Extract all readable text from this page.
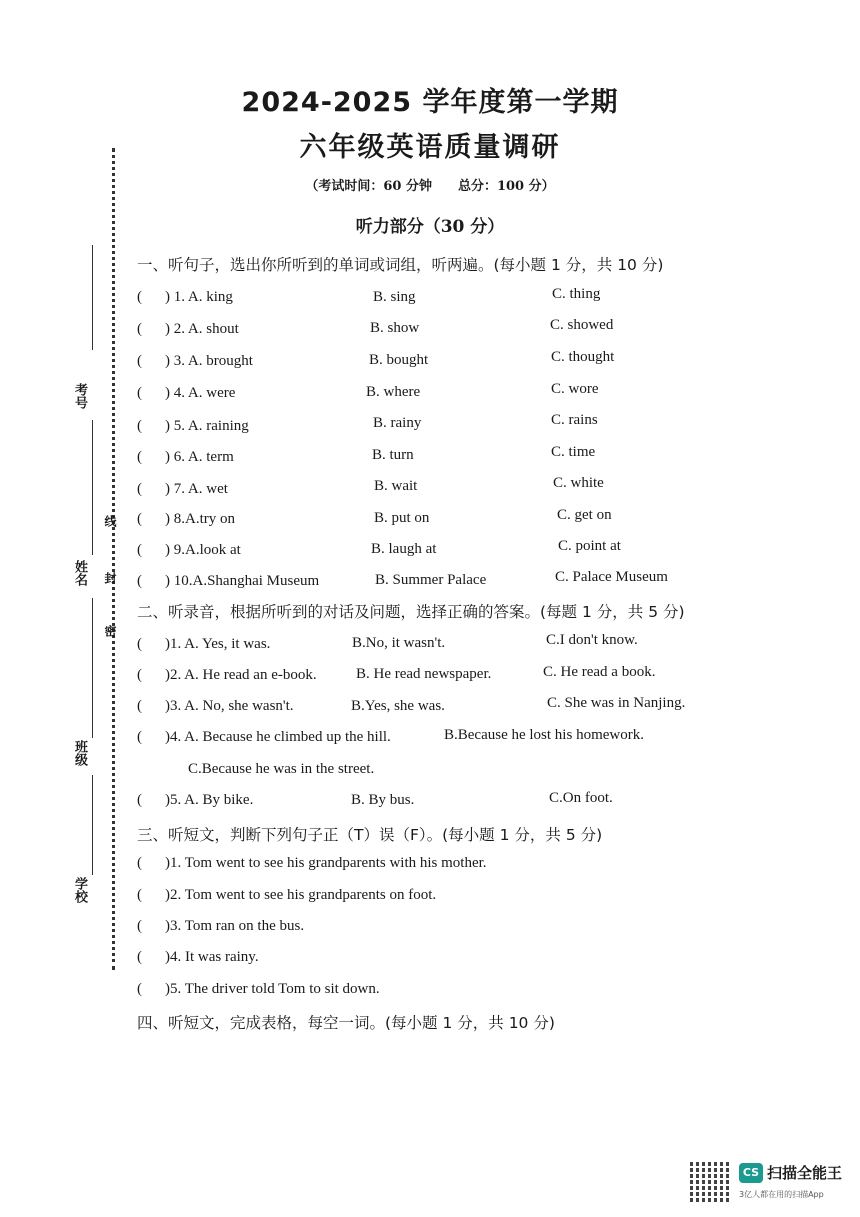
2024-2025 学年度第一学期
六年级英语质量调研
（考试时间：60 分钟 总分：100 分）
听力部分（30 分）
考号
姓名
班级
学校
线
封
密
一、听句子，选出你所听到的单词或词组，听两遍。(每小题 1 分，共 10 分)
( ) 1. A. king	B. sing	C. thing
( ) 2. A. shout	B. show	C. showed
( ) 3. A. brought	B. bought	C. thought
( ) 4. A. were	B. where	C. wore
( ) 5. A. raining	B. rainy	C. rains
( ) 6. A. term	B. turn	C. time
( ) 7. A. wet	B. wait	C. white
( ) 8.A.try on	B. put on	C. get on
( ) 9.A.look at	B. laugh at	C. point at
( ) 10.A.Shanghai Museum	B. Summer Palace	C. Palace Museum
二、听录音，根据所听到的对话及问题，选择正确的答案。(每题 1 分，共 5 分)
( )1. A. Yes, it was.	B.No, it wasn't.	C.I don't know.
( )2. A. He read an e-book.	B. He read newspaper.	C. He read a book.
( )3. A. No, she wasn't.	B.Yes, she was.	C. She was in Nanjing.
( )4. A. Because he climbed up the hill.	B.Because he lost his homework.
C.Because he was in the street.
( )5. A. By bike.	B. By bus.	C.On foot.
三、听短文，判断下列句子正（T）误（F）。(每小题 1 分，共 5 分)
( )1. Tom went to see his grandparents with his mother.
( )2. Tom went to see his grandparents on foot.
( )3. Tom ran on the bus.
( )4. It was rainy.
( )5. The driver told Tom to sit down.
四、听短文，完成表格，每空一词。(每小题 1 分，共 10 分)
CS 扫描全能王
3亿人都在用的扫描App
